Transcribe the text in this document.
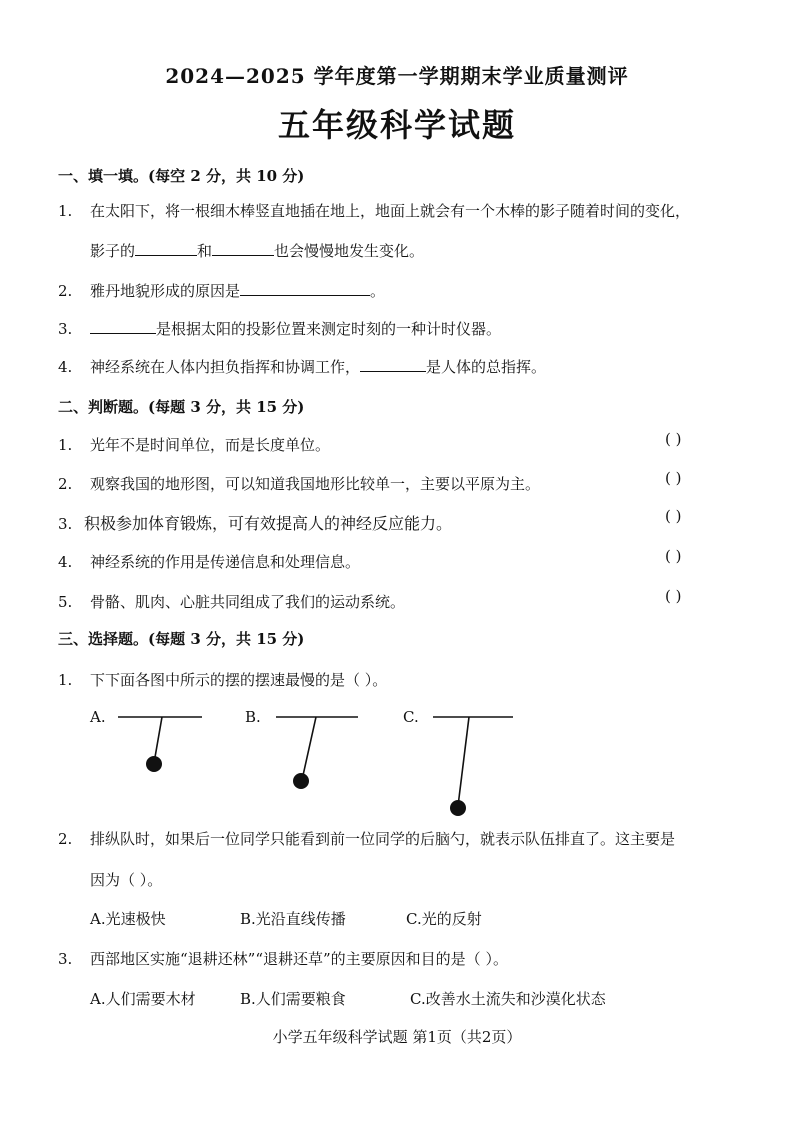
2024—2025 学年度第一学期期末学业质量测评
五年级科学试题
一、填一填。(每空 2 分，共 10 分)
1. 在太阳下，将一根细木棒竖直地插在地上，地面上就会有一个木棒的影子随着时间的变化，
影子的	和	也会慢慢地发生变化。
2. 雅丹地貌形成的原因是	。
3.	是根据太阳的投影位置来测定时刻的一种计时仪器。
4. 神经系统在人体内担负指挥和协调工作，	是人体的总指挥。
二、判断题。(每题 3 分，共 15 分)
1. 光年不是时间单位，而是长度单位。	( )
2. 观察我国的地形图，可以知道我国地形比较单一，主要以平原为主。	( )
3. 积极参加体育锻炼，可有效提高人的神经反应能力。	( )
4. 神经系统的作用是传递信息和处理信息。	( )
5. 骨骼、肌肉、心脏共同组成了我们的运动系统。	( )
三、选择题。(每题 3 分，共 15 分)
1. 下下面各图中所示的摆的摆速最慢的是（ ）。
A.	B.	C.
2. 排纵队时，如果后一位同学只能看到前一位同学的后脑勺，就表示队伍排直了。这主要是
因为（ ）。
A.光速极快	B.光沿直线传播	C.光的反射
3. 西部地区实施“退耕还林”“退耕还草”的主要原因和目的是（ ）。
A.人们需要木材	B.人们需要粮食	C.改善水土流失和沙漠化状态
小学五年级科学试题 第1页（共2页）
